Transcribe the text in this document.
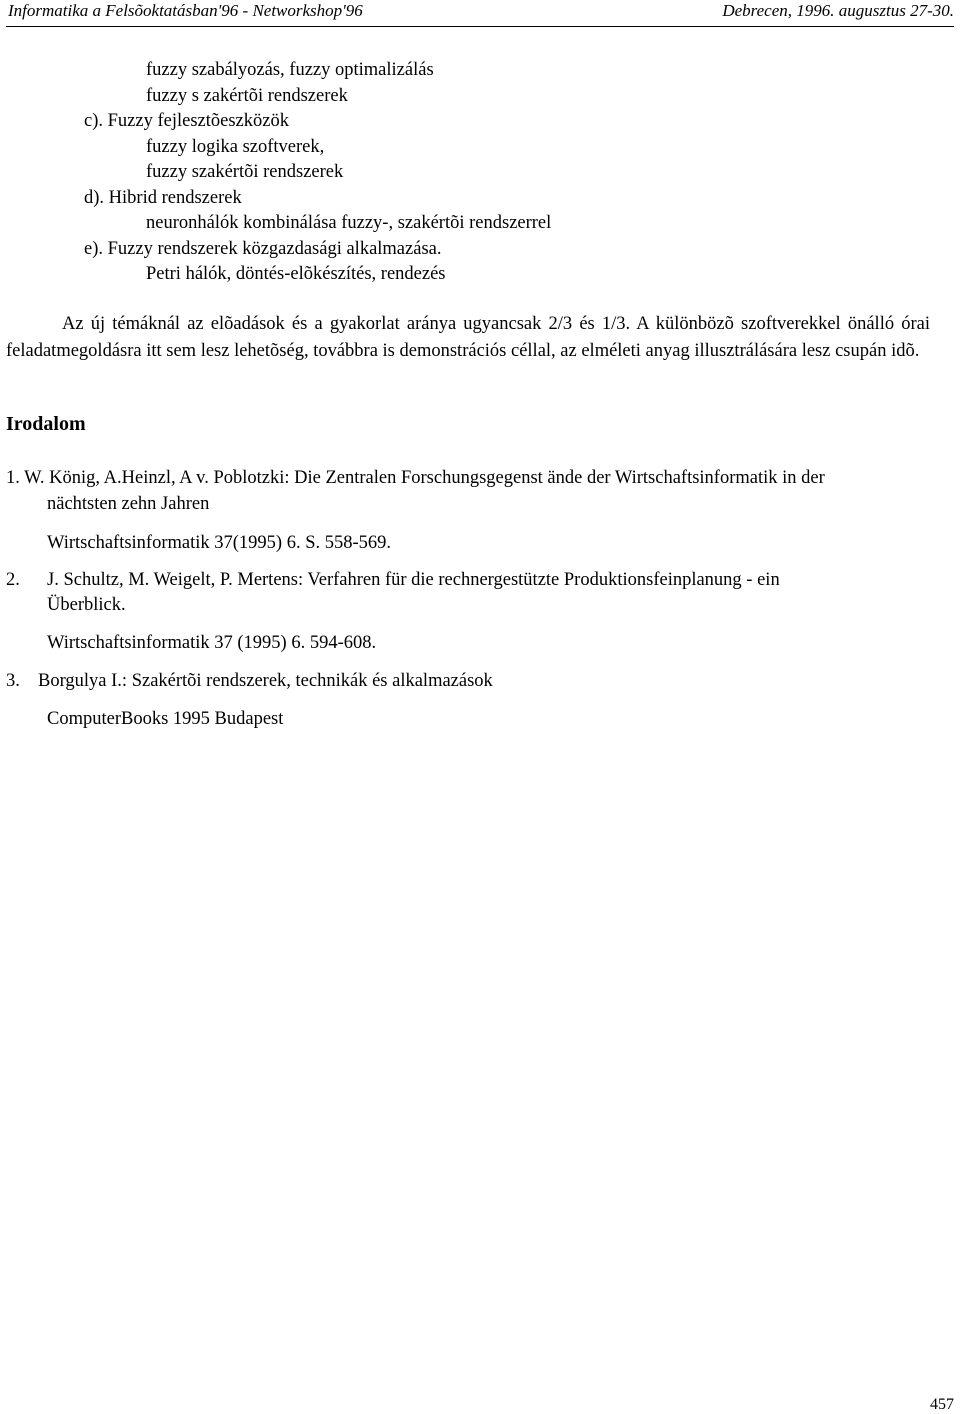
Informatika a Felsõoktatásban'96 - Networkshop'96	Debrecen, 1996. augusztus 27-30.
fuzzy szabályozás, fuzzy optimalizálás
fuzzy s zakértõi rendszerek
c). Fuzzy fejlesztõeszközök
fuzzy logika szoftverek,
fuzzy szakértõi rendszerek
d). Hibrid rendszerek
neuronhálók kombinálása fuzzy-, szakértõi rendszerrel
e). Fuzzy rendszerek közgazdasági alkalmazása.
Petri hálók, döntés-elõkészítés, rendezés
Az új témáknál az elõadások és a gyakorlat aránya ugyancsak 2/3 és 1/3. A különbözõ szoftverekkel önálló órai feladatmegoldásra itt sem lesz lehetõség, továbbra is demonstrációs céllal, az elméleti anyag illusztrálására lesz csupán idõ.
Irodalom
1. W. König, A.Heinzl, A v. Poblotzki: Die Zentralen Forschungsgegenst ände der Wirtschaftsinformatik in der
nächtsten zehn Jahren
Wirtschaftsinformatik 37(1995) 6. S. 558-569.
2. J. Schultz, M. Weigelt, P. Mertens: Verfahren für die rechnergestützte Produktionsfeinplanung - ein
Überblick.
Wirtschaftsinformatik 37 (1995) 6. 594-608.
3. Borgulya I.: Szakértõi rendszerek, technikák és alkalmazások
ComputerBooks 1995 Budapest
457
